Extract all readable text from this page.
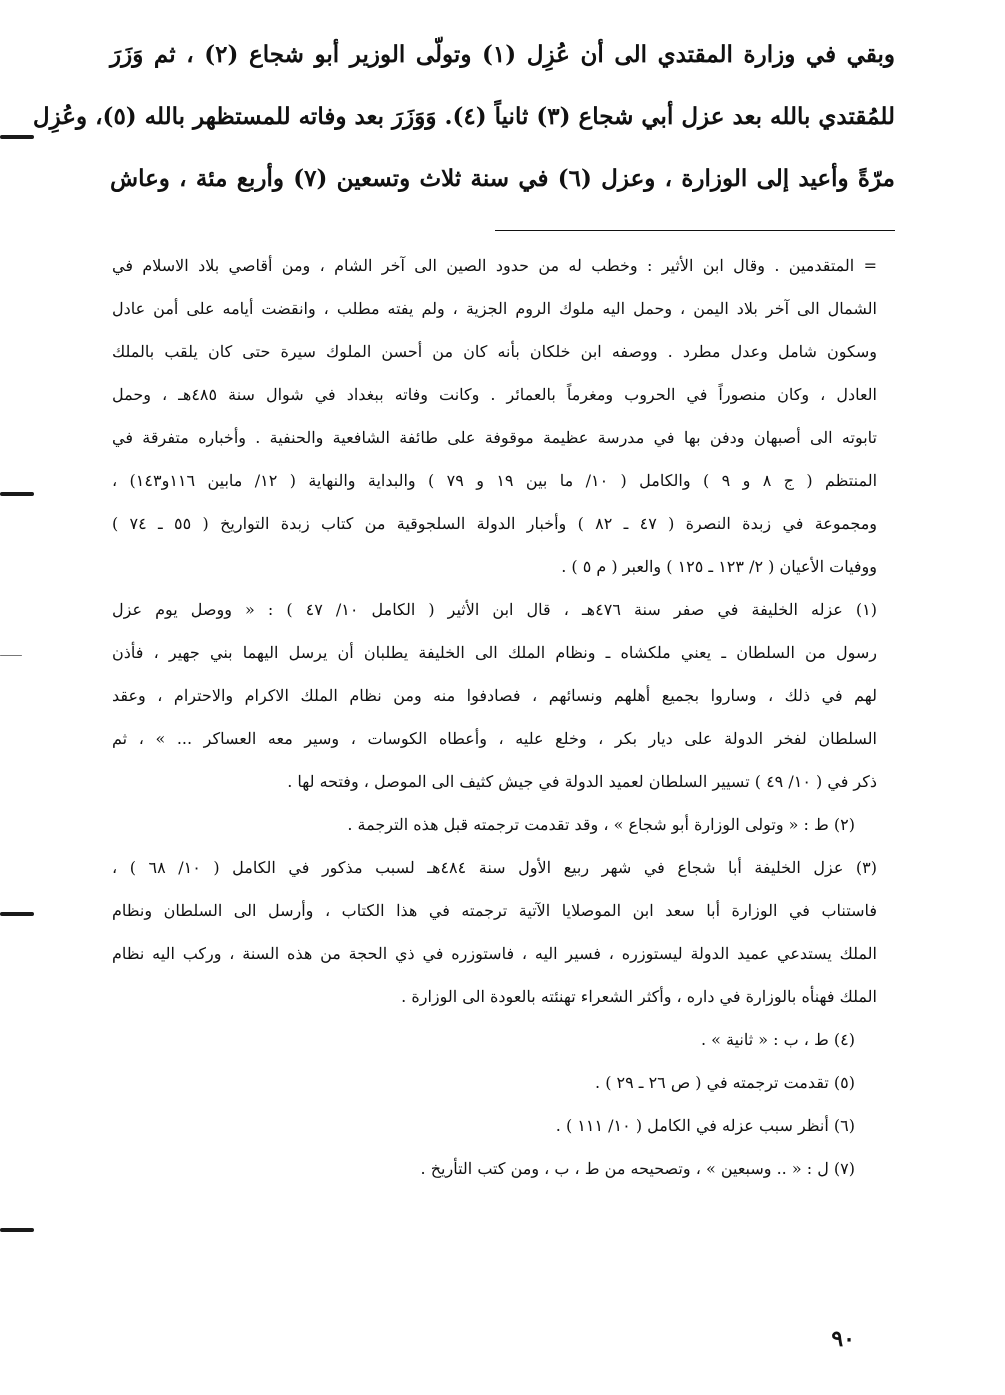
وبقي في وزارة المقتدي الى أن عُزِل (١) وتولّى الوزير أبو شجاع (٢) ، ثم وَزَرَ
للمُقتدي بالله بعد عزل أبي شجاع (٣) ثانياً (٤). وَوَزَرَ بعد وفاته للمستظهر بالله (٥)، وعُزِل
مرّةً وأعيد إلى الوزارة ، وعزل (٦) في سنة ثلاث وتسعين (٧) وأربع مئة ، وعاش
= المتقدمين . وقال ابن الأثير : وخطب له من حدود الصين الى آخر الشام ، ومن أقاصي بلاد الاسلام في
الشمال الى آخر بلاد اليمن ، وحمل اليه ملوك الروم الجزية ، ولم يفته مطلب ، وانقضت أيامه على أمن عادل
وسكون شامل وعدل مطرد . ووصفه ابن خلكان بأنه كان من أحسن الملوك سيرة حتى كان يلقب بالملك
العادل ، وكان منصوراً في الحروب ومغرماً بالعمائر . وكانت وفاته ببغداد في شوال سنة ٤٨٥هـ ، وحمل
تابوته الى أصبهان ودفن بها في مدرسة عظيمة موقوفة على طائفة الشافعية والحنفية . وأخباره متفرقة في
المنتظم ( ج ٨ و ٩ ) والكامل ( ١٠/ ما بين ١٩ و ٧٩ ) والبداية والنهاية ( ١٢/ مابين ١١٦و١٤٣) ،
ومجموعة في زبدة النصرة ( ٤٧ ـ ٨٢ ) وأخبار الدولة السلجوقية من كتاب زبدة التواريخ ( ٥٥ ـ ٧٤ )
ووفيات الأعيان ( ٢/ ١٢٣ ـ ١٢٥ ) والعبر ( م ٥ ) .
(١) عزله الخليفة في صفر سنة ٤٧٦هـ ، قال ابن الأثير ( الكامل ١٠/ ٤٧ ) : « ووصل يوم عزل
رسول من السلطان ـ يعني ملكشاه ـ ونظام الملك الى الخليفة يطلبان أن يرسل اليهما بني جهير ، فأذن
لهم في ذلك ، وساروا بجميع أهلهم ونسائهم ، فصادفوا منه ومن نظام الملك الاكرام والاحترام ، وعقد
السلطان لفخر الدولة على ديار بكر ، وخلع عليه ، وأعطاه الكوسات ، وسير معه العساكر ... » ، ثم
ذكر في ( ١٠/ ٤٩ ) تسيير السلطان لعميد الدولة في جيش كثيف الى الموصل ، وفتحه لها .
(٢) ط : « وتولى الوزارة أبو شجاع » ، وقد تقدمت ترجمته قبل هذه الترجمة .
(٣) عزل الخليفة أبا شجاع في شهر ربيع الأول سنة ٤٨٤هـ لسبب مذكور في الكامل ( ١٠/ ٦٨ ) ،
فاستناب في الوزارة أبا سعد ابن الموصلايا الآتية ترجمته في هذا الكتاب ، وأرسل الى السلطان ونظام
الملك يستدعي عميد الدولة ليستوزره ، فسير اليه ، فاستوزره في ذي الحجة من هذه السنة ، وركب اليه نظام
الملك فهنأه بالوزارة في داره ، وأكثر الشعراء تهنئته بالعودة الى الوزارة .
(٤) ط ، ب : « ثانية » .
(٥) تقدمت ترجمته في ( ص ٢٦ ـ ٢٩ ) .
(٦) أنظر سبب عزله في الكامل ( ١٠/ ١١١ ) .
(٧) ل : « .. وسبعين » ، وتصحيحه من ط ، ب ، ومن كتب التأريخ .
٩٠
